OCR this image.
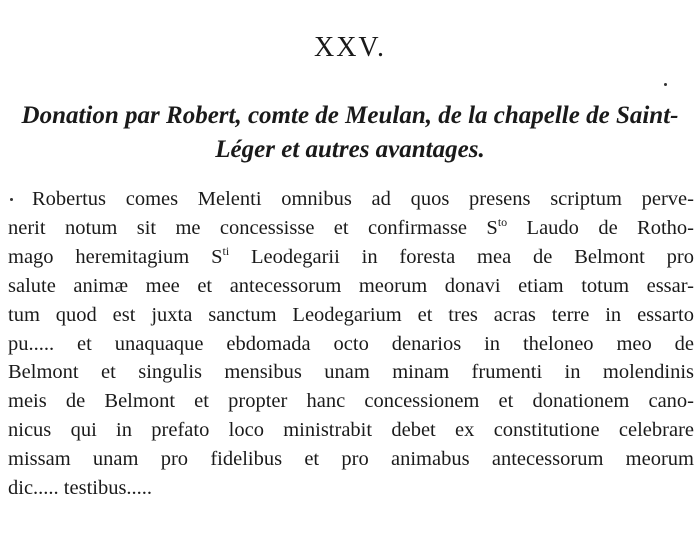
XXV.
Donation par Robert, comte de Meulan, de la chapelle de Saint-
Léger et autres avantages.
Robertus comes Melenti omnibus ad quos presens scriptum perve-
nerit notum sit me concessisse et confirmasse $S^{to}$ Laudo de Rotho-
mago heremitagium $S^{ti}$ Leodegarii in foresta mea de Belmont pro
salute animæ mee et antecessorum meorum donavi etiam totum essar-
tum quod est juxta sanctum Leodegarium et tres acras terre in essarto
pu..... et unaquaque ebdomada octo denarios in theloneo meo de
Belmont et singulis mensibus unam minam frumenti in molendinis
meis de Belmont et propter hanc concessionem et donationem cano-
nicus qui in prefato loco ministrabit debet ex constitutione celebrare
missam unam pro fidelibus et pro animabus antecessorum meorum
dic..... testibus.....
